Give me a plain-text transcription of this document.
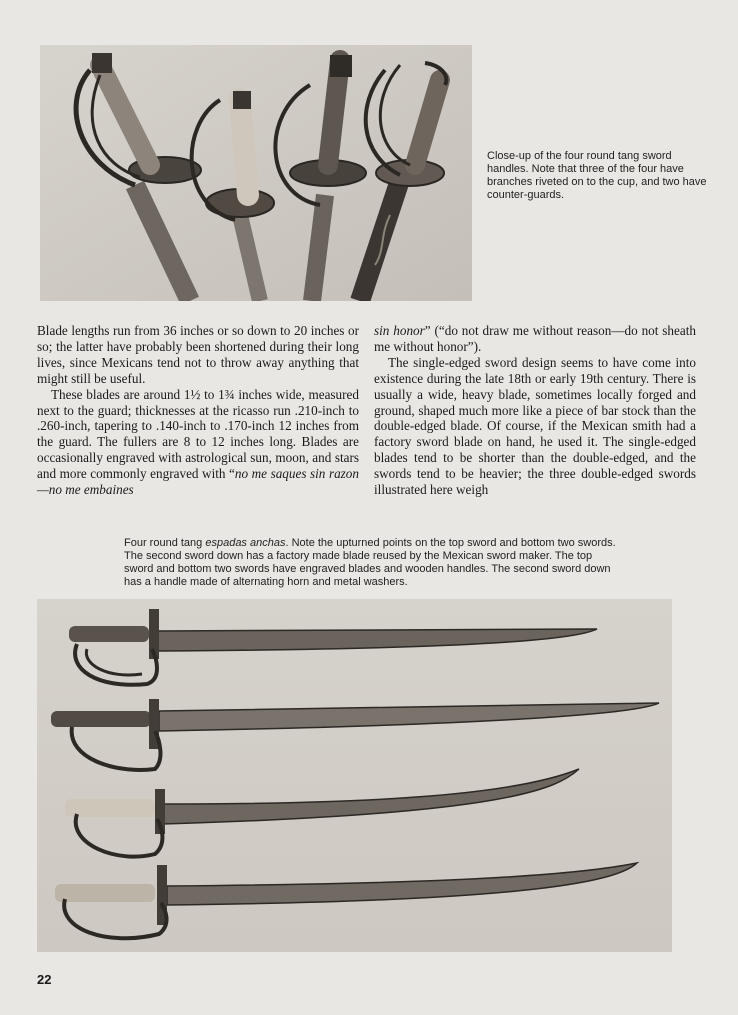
Close-up of the four round tang sword handles. Note that three of the four have branches riveted on to the cup, and two have counter-guards.

Blade lengths run from 36 inches or so down to 20 inches or so; the latter have probably been shortened during their long lives, since Mexicans tend not to throw away anything that might still be useful.

These blades are around 1½ to 1¾ inches wide, measured next to the guard; thicknesses at the ricasso run .210-inch to .260-inch, tapering to .140-inch to .170-inch 12 inches from the guard. The fullers are 8 to 12 inches long. Blades are occasionally engraved with astrological sun, moon, and stars and more commonly engraved with “no me saques sin razon—no me embaines

sin honor” (“do not draw me without reason—do not sheath me without honor”).

The single-edged sword design seems to have come into existence during the late 18th or early 19th century. There is usually a wide, heavy blade, sometimes locally forged and ground, shaped much more like a piece of bar stock than the double-edged blade. Of course, if the Mexican smith had a factory sword blade on hand, he used it. The single-edged blades tend to be shorter than the double-edged, and the swords tend to be heavier; the three double-edged swords illustrated here weigh

Four round tang espadas anchas. Note the upturned points on the top sword and bottom two swords. The second sword down has a factory made blade reused by the Mexican sword maker. The top sword and bottom two swords have engraved blades and wooden handles. The second sword down has a handle made of alternating horn and metal washers.
22
